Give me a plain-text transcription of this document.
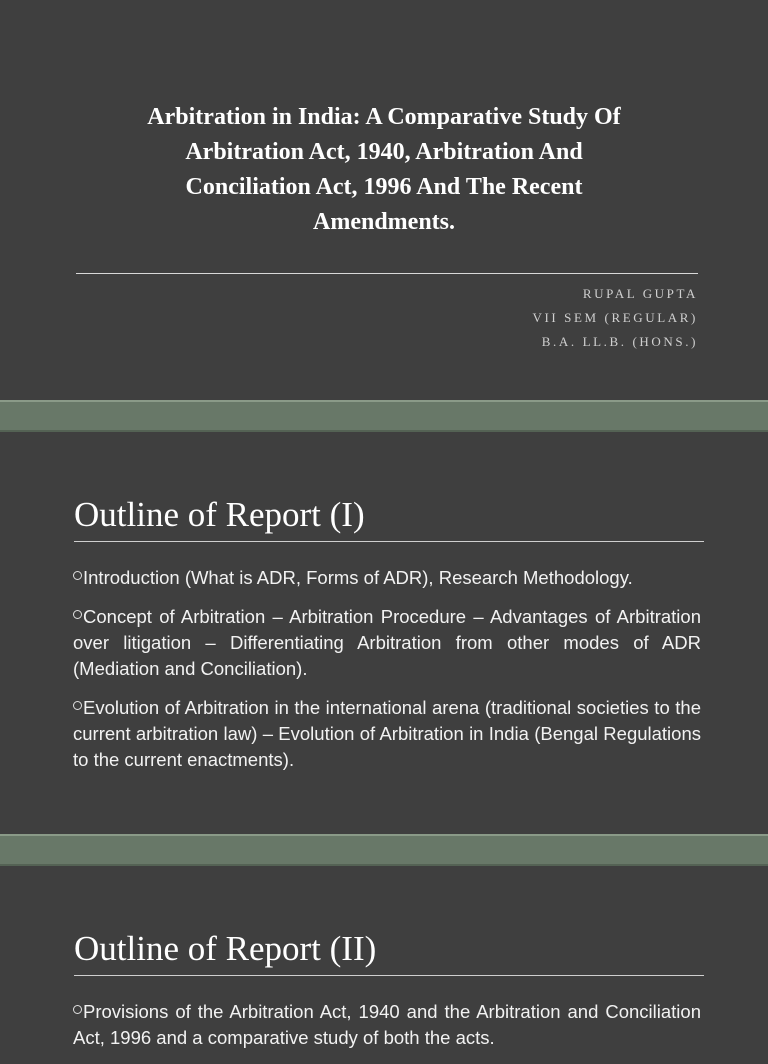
Arbitration in India: A Comparative Study Of
Arbitration Act, 1940, Arbitration And
Conciliation Act, 1996 And The Recent
Amendments.
RUPAL GUPTA
VII SEM (REGULAR)
B.A. LL.B. (HONS.)
Outline of Report (I)
Introduction (What is ADR, Forms of ADR), Research Methodology.
Concept of Arbitration – Arbitration Procedure – Advantages of Arbitration over litigation – Differentiating Arbitration from other modes of ADR (Mediation and Conciliation).
Evolution of Arbitration in the international arena (traditional societies to the current arbitration law) – Evolution of Arbitration in India (Bengal Regulations to the current enactments).
Outline of Report (II)
Provisions of the Arbitration Act, 1940 and the Arbitration and Conciliation Act, 1996 and a comparative study of both the acts.
